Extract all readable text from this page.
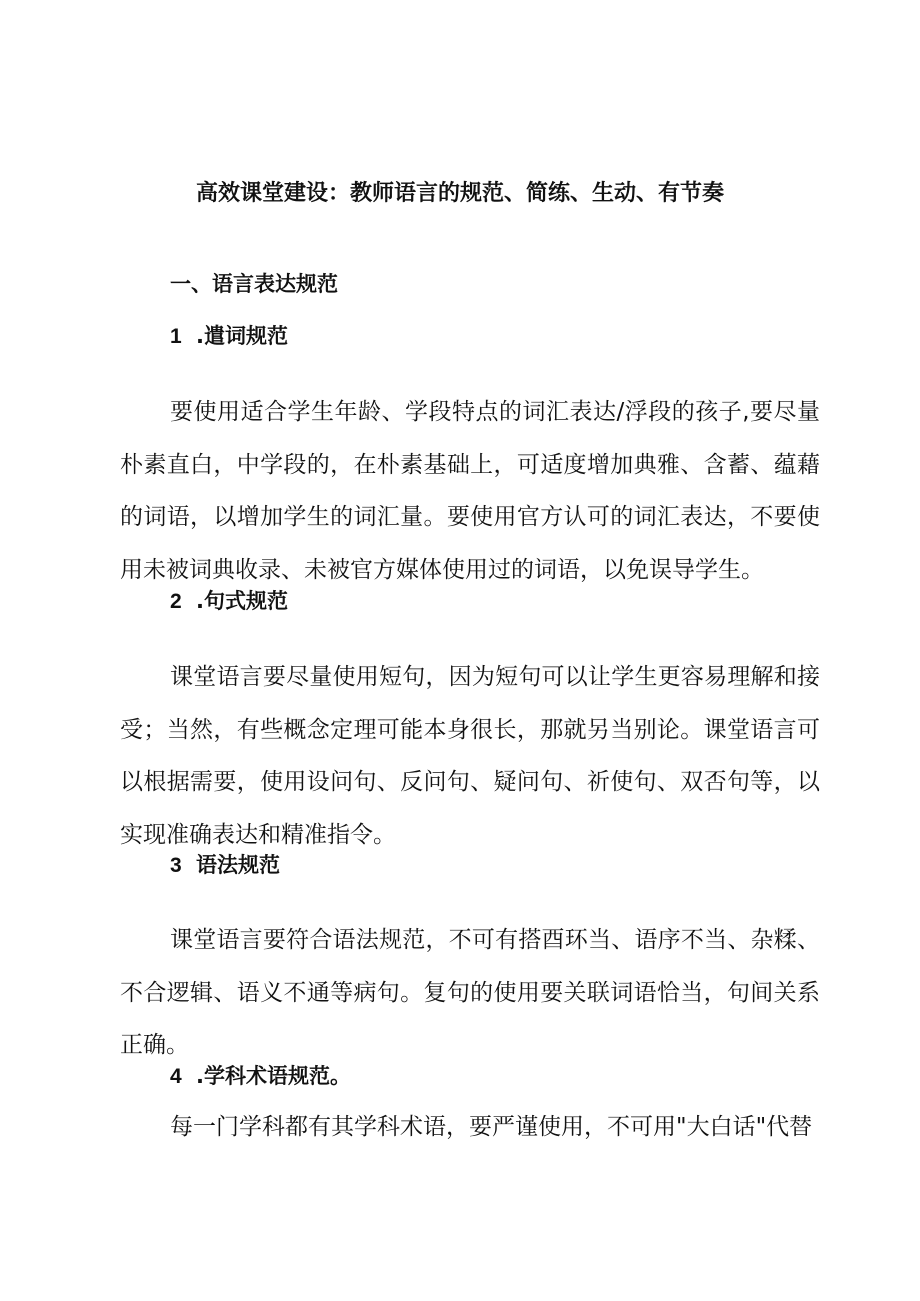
高效课堂建设：教师语言的规范、简练、生动、有节奏
一、语言表达规范
1 .遣词规范

要使用适合学生年龄、学段特点的词汇表达/浮段的孩子,要尽量朴素直白，中学段的，在朴素基础上，可适度增加典雅、含蓄、蕴藉的词语，以增加学生的词汇量。要使用官方认可的词汇表达，不要使用未被词典收录、未被官方媒体使用过的词语，以免误导学生。

2 .句式规范

课堂语言要尽量使用短句，因为短句可以让学生更容易理解和接受；当然，有些概念定理可能本身很长，那就另当别论。课堂语言可以根据需要，使用设问句、反问句、疑问句、祈使句、双否句等，以实现准确表达和精准指令。

3 语法规范

课堂语言要符合语法规范，不可有搭酉环当、语序不当、杂糅、不合逻辑、语义不通等病句。复句的使用要关联词语恰当，句间关系正确。

4 .学科术语规范。

每一门学科都有其学科术语，要严谨使用，不可用"大白话"代替
